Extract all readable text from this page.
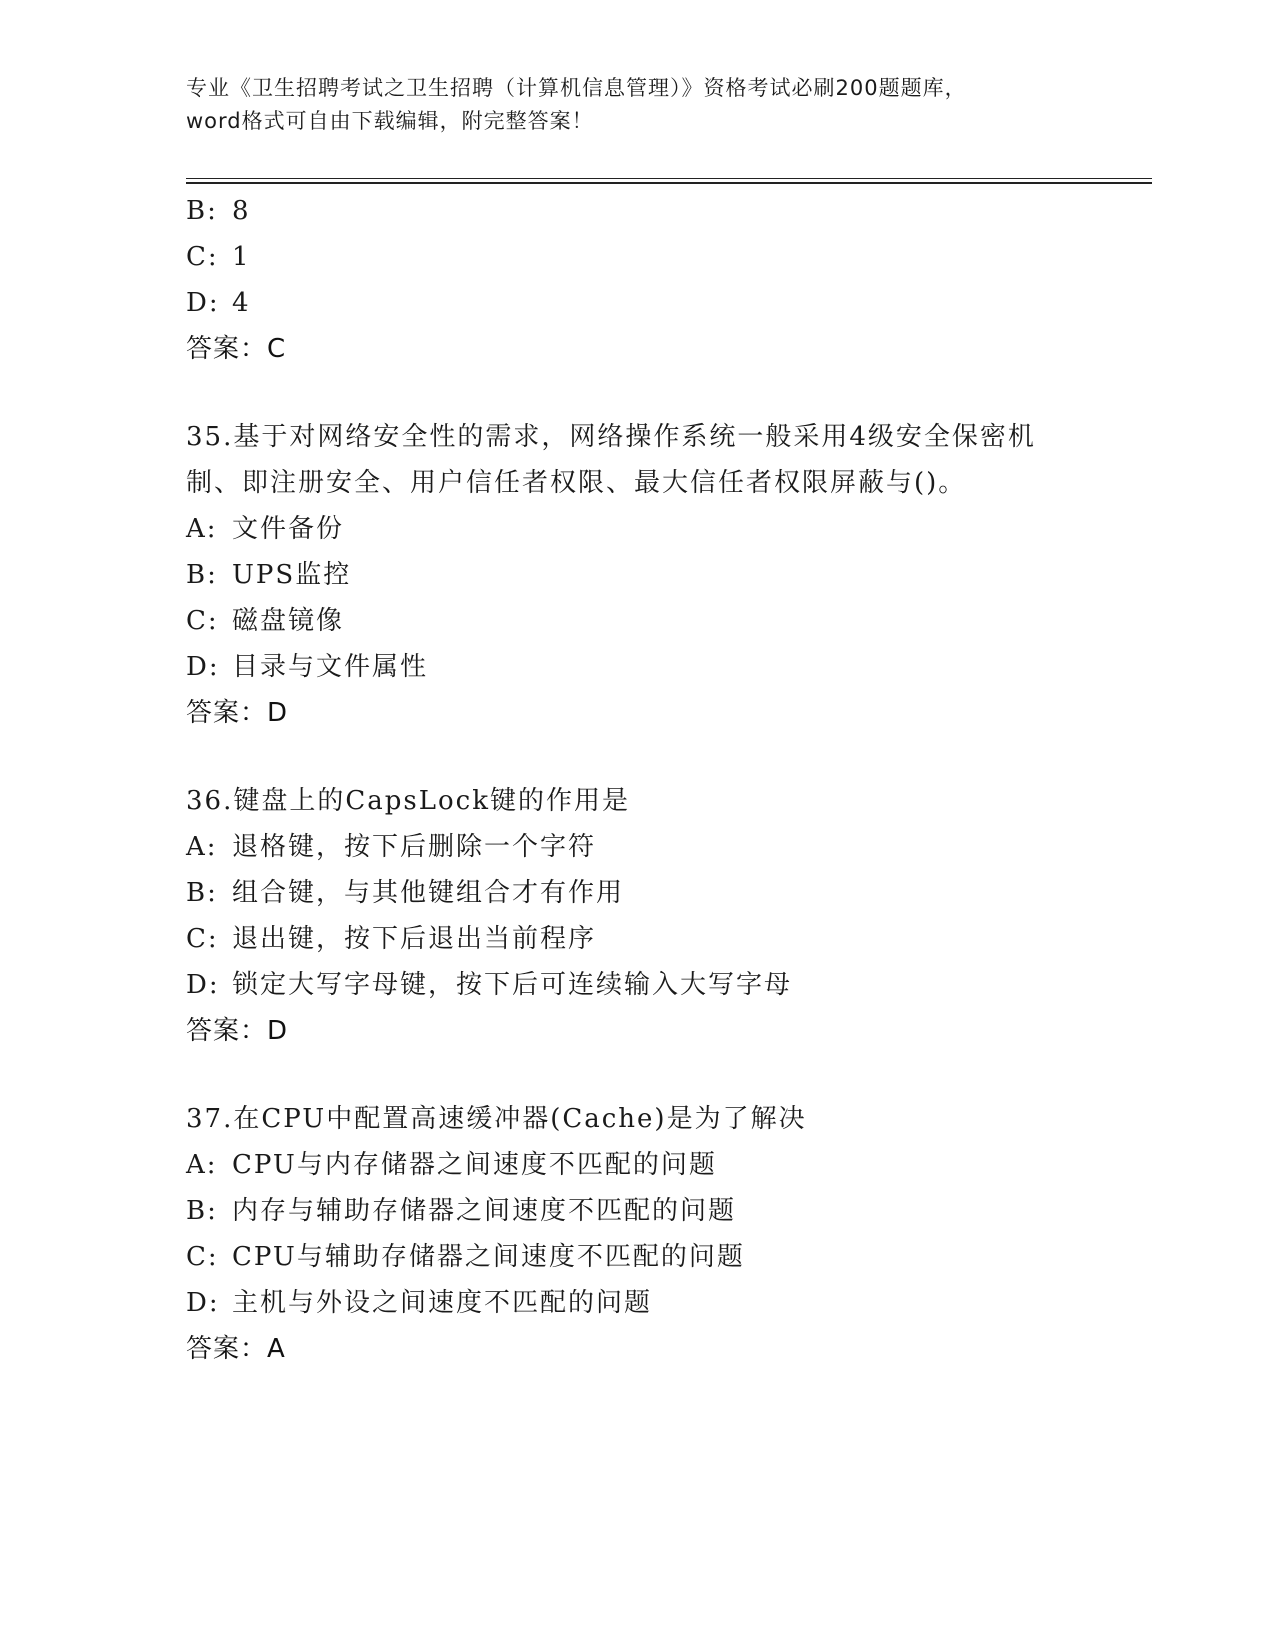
专业《卫生招聘考试之卫生招聘（计算机信息管理）》资格考试必刷200题题库，
word格式可自由下载编辑，附完整答案！
B: 8
C: 1
D: 4
答案：C
35.基于对网络安全性的需求，网络操作系统一般采用4级安全保密机
制、即注册安全、用户信任者权限、最大信任者权限屏蔽与()。
A: 文件备份
B: UPS监控
C: 磁盘镜像
D: 目录与文件属性
答案：D
36.键盘上的CapsLock键的作用是
A: 退格键，按下后删除一个字符
B: 组合键，与其他键组合才有作用
C: 退出键，按下后退出当前程序
D: 锁定大写字母键，按下后可连续输入大写字母
答案：D
37.在CPU中配置高速缓冲器(Cache)是为了解决
A: CPU与内存储器之间速度不匹配的问题
B: 内存与辅助存储器之间速度不匹配的问题
C: CPU与辅助存储器之间速度不匹配的问题
D: 主机与外设之间速度不匹配的问题
答案：A
